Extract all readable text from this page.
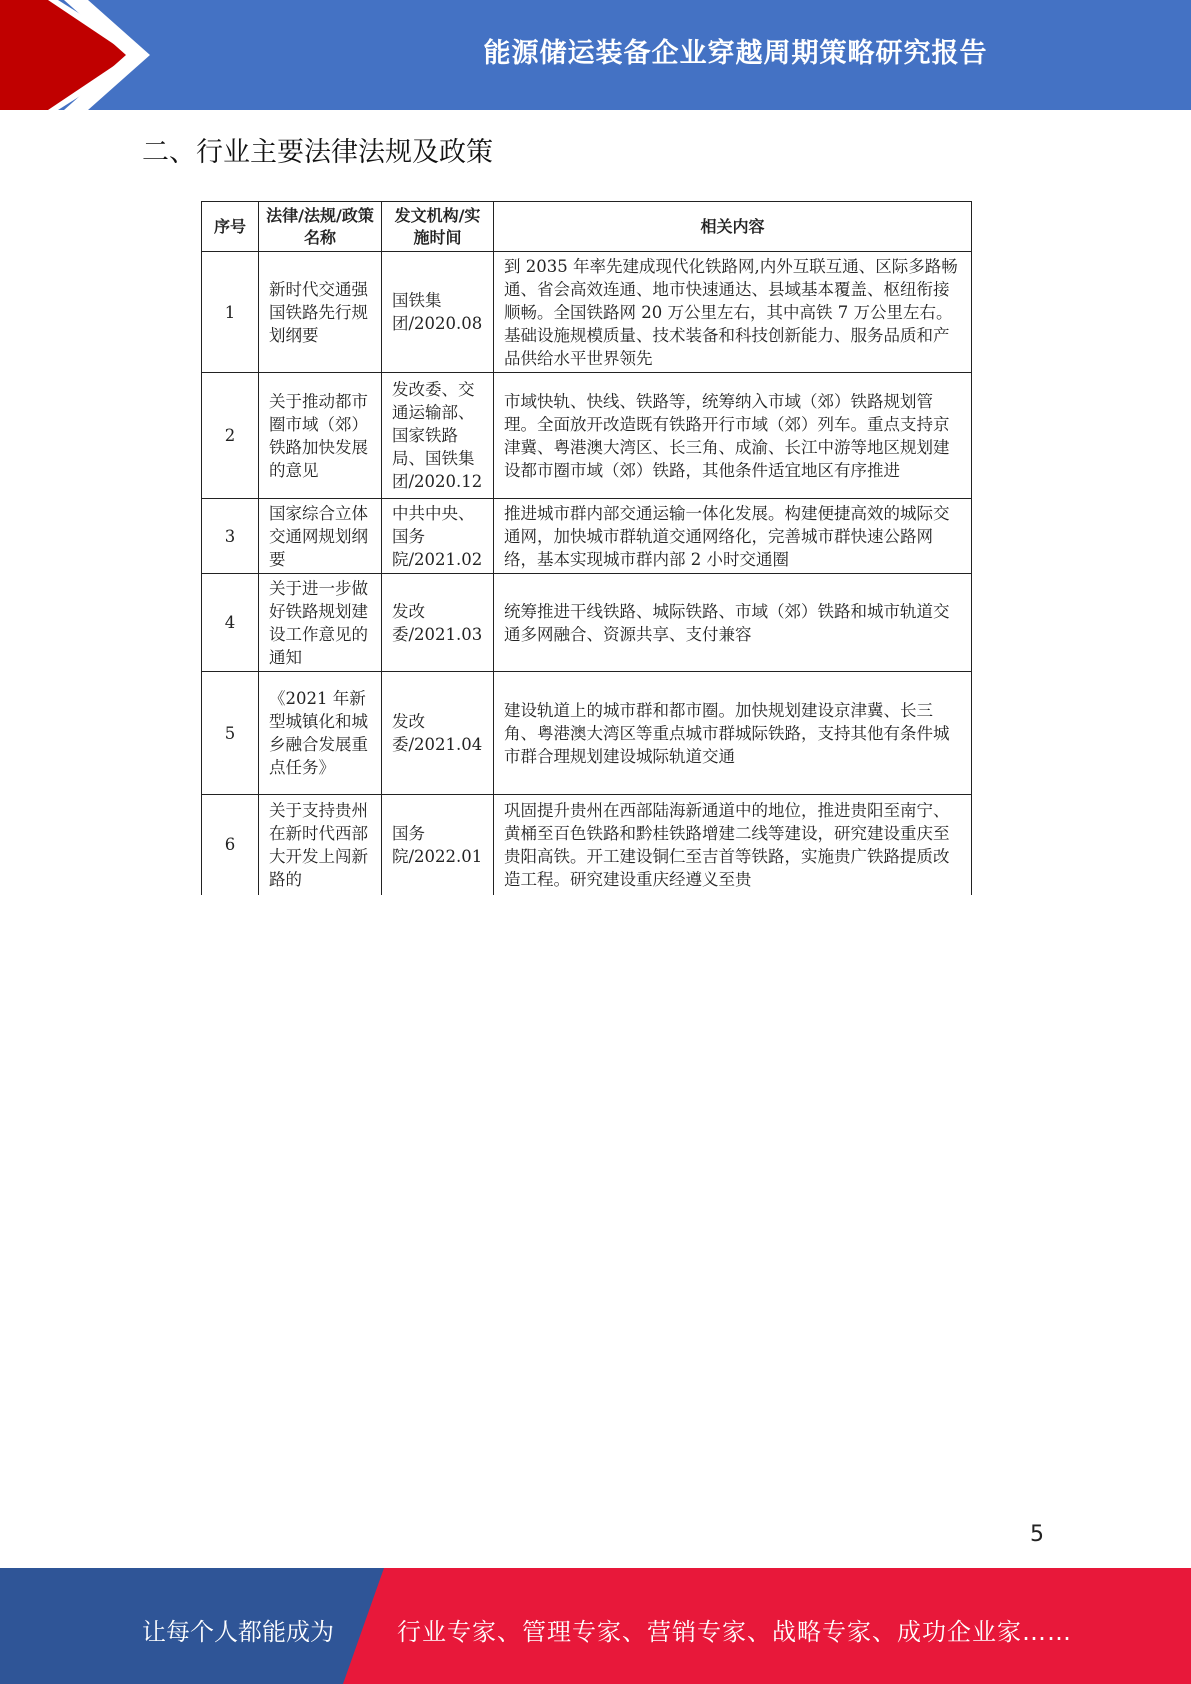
能源储运装备企业穿越周期策略研究报告
二、行业主要法律法规及政策
序号	法律/法规/政策名称	发文机构/实施时间	相关内容
1	新时代交通强国铁路先行规划纲要	国铁集团/2020.08	到 2035 年率先建成现代化铁路网,内外互联互通、区际多路畅通、省会高效连通、地市快速通达、县域基本覆盖、枢纽衔接顺畅。全国铁路网 20 万公里左右，其中高铁 7 万公里左右。基础设施规模质量、技术装备和科技创新能力、服务品质和产品供给水平世界领先
2	关于推动都市圈市域（郊）铁路加快发展的意见	发改委、交通运输部、国家铁路局、国铁集团/2020.12	市域快轨、快线、铁路等，统筹纳入市域（郊）铁路规划管理。全面放开改造既有铁路开行市域（郊）列车。重点支持京津冀、粤港澳大湾区、长三角、成渝、长江中游等地区规划建设都市圈市域（郊）铁路，其他条件适宜地区有序推进
3	国家综合立体交通网规划纲要	中共中央、国务院/2021.02	推进城市群内部交通运输一体化发展。构建便捷高效的城际交通网，加快城市群轨道交通网络化，完善城市群快速公路网络，基本实现城市群内部 2 小时交通圈
4	关于进一步做好铁路规划建设工作意见的通知	发改委/2021.03	统筹推进干线铁路、城际铁路、市域（郊）铁路和城市轨道交通多网融合、资源共享、支付兼容
5	《2021 年新型城镇化和城乡融合发展重点任务》	发改委/2021.04	建设轨道上的城市群和都市圈。加快规划建设京津冀、长三角、粤港澳大湾区等重点城市群城际铁路，支持其他有条件城市群合理规划建设城际轨道交通
6	关于支持贵州在新时代西部大开发上闯新路的	国务院/2022.01	巩固提升贵州在西部陆海新通道中的地位，推进贵阳至南宁、黄桶至百色铁路和黔桂铁路增建二线等建设，研究建设重庆至贵阳高铁。开工建设铜仁至吉首等铁路，实施贵广铁路提质改造工程。研究建设重庆经遵义至贵
5
让每个人都能成为	行业专家、管理专家、营销专家、战略专家、成功企业家……
